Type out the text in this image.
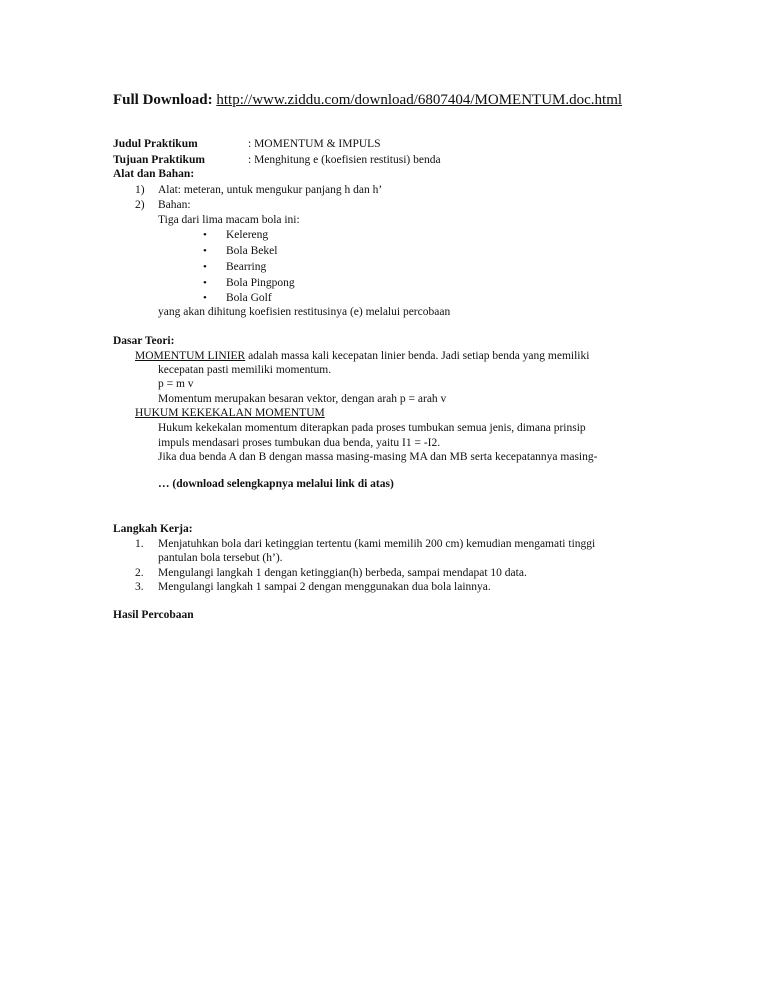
Full Download: http://www.ziddu.com/download/6807404/MOMENTUM.doc.html
Judul Praktikum	: MOMENTUM & IMPULS
Tujuan Praktikum	: Menghitung e (koefisien restitusi) benda
Alat dan Bahan:
1) Alat: meteran, untuk mengukur panjang h dan h’
2) Bahan:
Tiga dari lima macam bola ini:
• Kelereng
• Bola Bekel
• Bearring
• Bola Pingpong
• Bola Golf
yang akan dihitung koefisien restitusinya (e) melalui percobaan
Dasar Teori:
MOMENTUM LINIER adalah massa kali kecepatan linier benda. Jadi setiap benda yang memiliki
kecepatan pasti memiliki momentum.
p = m v
Momentum merupakan besaran vektor, dengan arah p = arah v
HUKUM KEKEKALAN MOMENTUM
Hukum kekekalan momentum diterapkan pada proses tumbukan semua jenis, dimana prinsip
impuls mendasari proses tumbukan dua benda, yaitu I1 = -I2.
Jika dua benda A dan B dengan massa masing-masing MA dan MB serta kecepatannya masing-
… (download selengkapnya melalui link di atas)
Langkah Kerja:
1. Menjatuhkan bola dari ketinggian tertentu (kami memilih 200 cm) kemudian mengamati tinggi
pantulan bola tersebut (h’).
2. Mengulangi langkah 1 dengan ketinggian(h) berbeda, sampai mendapat 10 data.
3. Mengulangi langkah 1 sampai 2 dengan menggunakan dua bola lainnya.
Hasil Percobaan
